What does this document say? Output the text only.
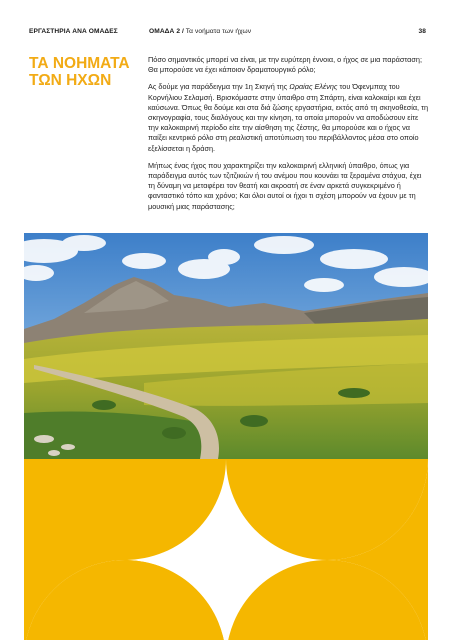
ΕΡΓΑΣΤΗΡΙΑ ΑΝΑ ΟΜΑΔΕΣ	ΟΜΑΔΑ 2 / Τα νοήματα των ήχων	38
ΤΑ ΝΟΗΜΑΤΑ
ΤΩΝ ΗΧΩΝ

Πόσο σημαντικός μπορεί να είναι, με την ευρύτερη έννοια, ο ήχος σε μια παράσταση; Θα μπορούσε να έχει κάποιον δραματουργικό ρόλο;

Ας δούμε για παράδειγμα την 1η Σκηνή της Ωραίας Ελένης του Όφενμπαχ του Κορνήλιου Σελαμσή. Βρισκόμαστε στην ύπαιθρο στη Σπάρτη, είναι καλοκαίρι και έχει καύσωνα. Όπως θα δούμε και στα διά ζώσης εργαστήρια, εκτός από τη σκηνοθεσία, τη σκηνογραφία, τους διαλόγους και την κίνηση, τα οποία μπορούν να αποδώσουν είτε την καλοκαιρινή περίοδο είτε την αίσθηση της ζέστης, θα μπορούσε και ο ήχος να παίξει κεντρικό ρόλο στη ρεαλιστική αποτύπωση του περιβάλλοντος μέσα στο οποίο εξελίσσεται η δράση.

Μήπως ένας ήχος που χαρακτηρίζει την καλοκαιρινή ελληνική ύπαιθρο, όπως για παράδειγμα αυτός των τζιτζικιών ή του ανέμου που κουνάει τα ξεραμένα στάχυα, έχει τη δύναμη να μεταφέρει τον θεατή και ακροατή σε έναν αρκετά συγκεκριμένο ή φανταστικό τόπο και χρόνο; Και όλοι αυτοί οι ήχοι τι σχέση μπορούν να έχουν με τη μουσική μιας παράστασης;
